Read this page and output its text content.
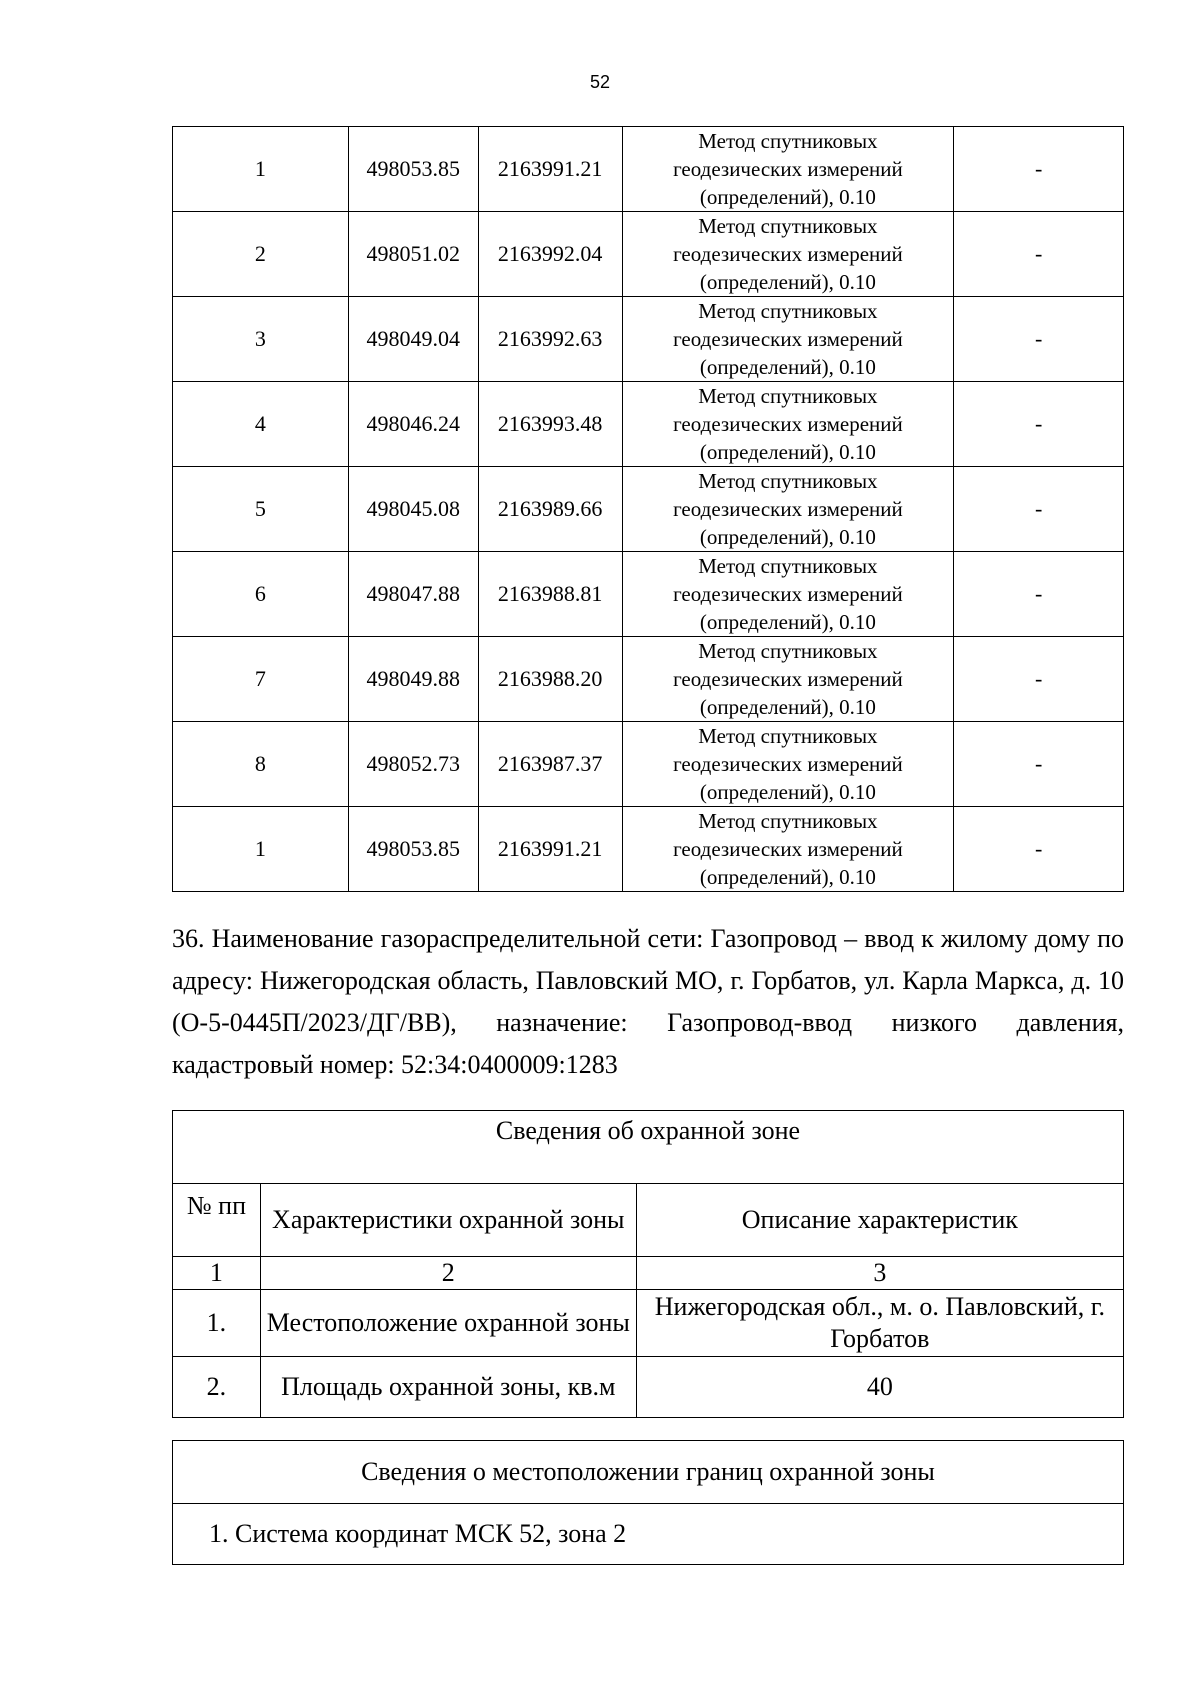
52
1	498053.85	2163991.21	Метод спутниковых
геодезических измерений
(определений), 0.10	-
2	498051.02	2163992.04	Метод спутниковых
геодезических измерений
(определений), 0.10	-
3	498049.04	2163992.63	Метод спутниковых
геодезических измерений
(определений), 0.10	-
4	498046.24	2163993.48	Метод спутниковых
геодезических измерений
(определений), 0.10	-
5	498045.08	2163989.66	Метод спутниковых
геодезических измерений
(определений), 0.10	-
6	498047.88	2163988.81	Метод спутниковых
геодезических измерений
(определений), 0.10	-
7	498049.88	2163988.20	Метод спутниковых
геодезических измерений
(определений), 0.10	-
8	498052.73	2163987.37	Метод спутниковых
геодезических измерений
(определений), 0.10	-
1	498053.85	2163991.21	Метод спутниковых
геодезических измерений
(определений), 0.10	-

36. Наименование газораспределительной сети: Газопровод – ввод к жилому дому по адресу: Нижегородская область, Павловский МО, г. Горбатов, ул. Карла Маркса, д. 10 (О-5-0445П/2023/ДГ/ВВ), назначение: Газопровод-ввод низкого давления, кадастровый номер: 52:34:0400009:1283

Сведения об охранной зоне		
№ пп	Характеристики охранной зоны	Описание характеристик
1	2	3
1.	Местоположение охранной зоны	Нижегородская обл., м. о. Павловский, г. Горбатов
2.	Площадь охранной зоны, кв.м	40
Сведения о местоположении границ охранной зоны
1. Система координат МСК 52, зона 2
